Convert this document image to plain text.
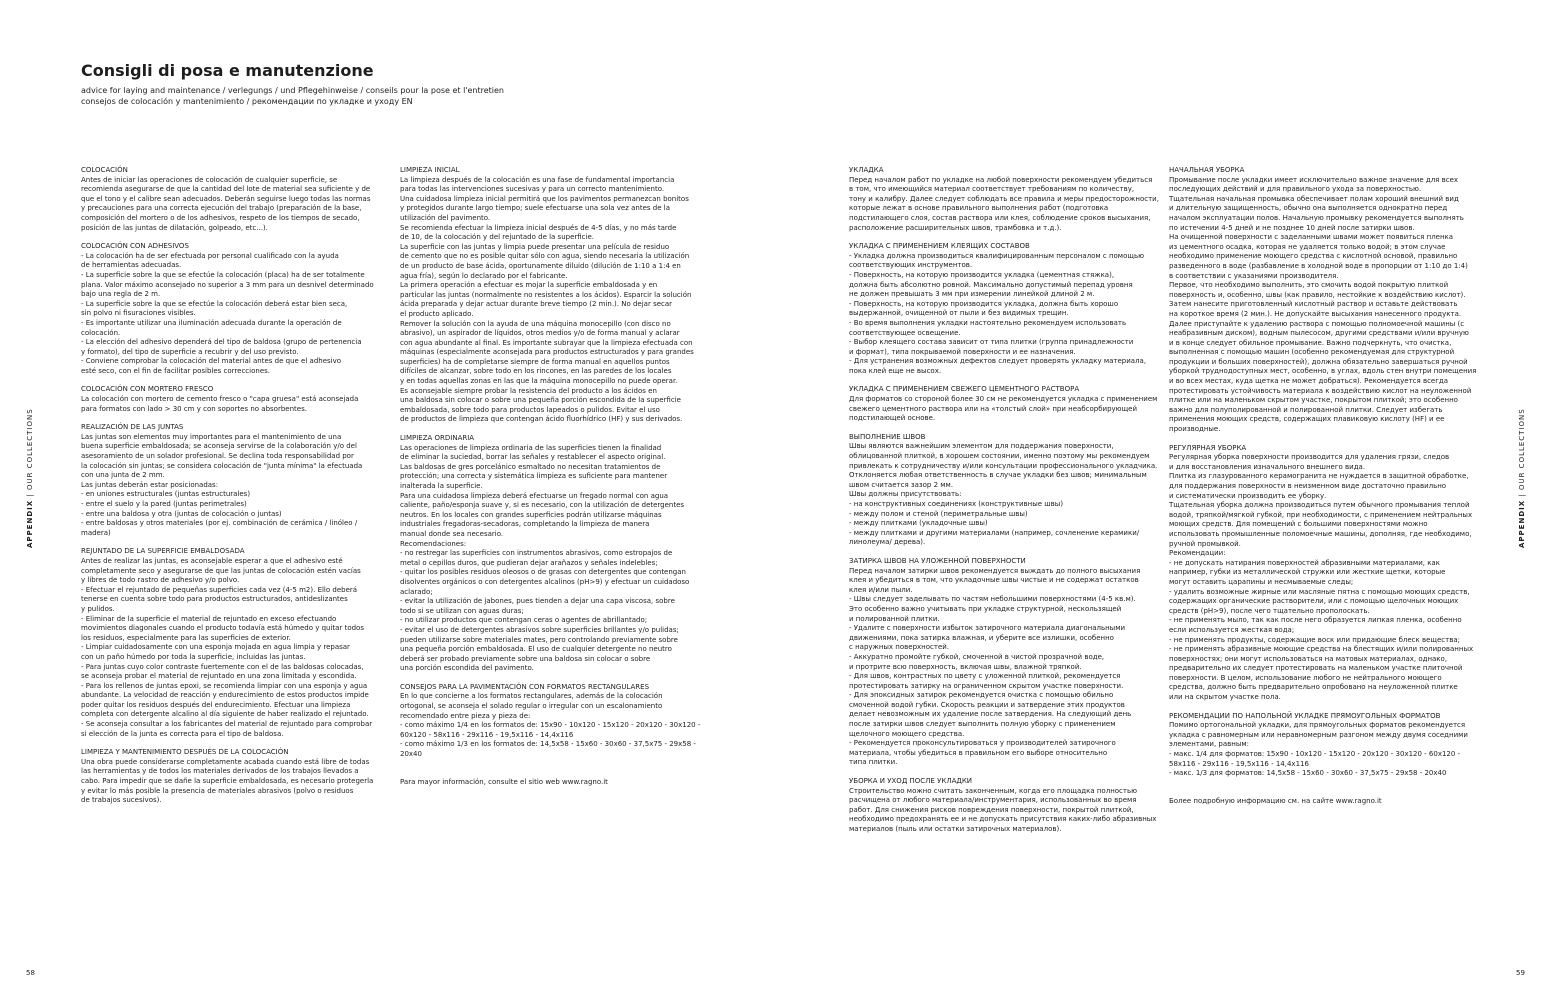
Consigli di posa e manutenzione
advice for laying and maintenance / verlegungs / und Pflegehinweise / conseils pour la pose et l'entretien
consejos de colocación y mantenimiento / рекомендации по укладке и уходу EN
COLOCACIÓN
Antes de iniciar las operaciones de colocación de cualquier superficie, se
recomienda asegurarse de que la cantidad del lote de material sea suficiente y de
que el tono y el calibre sean adecuados. Deberán seguirse luego todas las normas
y precauciones para una correcta ejecución del trabajo (preparación de la base,
composición del mortero o de los adhesivos, respeto de los tiempos de secado,
posición de las juntas de dilatación, golpeado, etc...).
COLOCACIÓN CON ADHESIVOS
- La colocación ha de ser efectuada por personal cualificado con la ayuda
de herramientas adecuadas.
- La superficie sobre la que se efectúe la colocación (placa) ha de ser totalmente
plana. Valor máximo aconsejado no superior a 3 mm para un desnivel determinado
bajo una regla de 2 m.
- La superficie sobre la que se efectúe la colocación deberá estar bien seca,
sin polvo ni fisuraciones visibles.
- Es importante utilizar una iluminación adecuada durante la operación de
colocación.
- La elección del adhesivo dependerá del tipo de baldosa (grupo de pertenencia
y formato), del tipo de superficie a recubrir y del uso previsto.
- Conviene comprobar la colocación del material antes de que el adhesivo
esté seco, con el fin de facilitar posibles correcciones.
COLOCACIÓN CON MORTERO FRESCO
La colocación con mortero de cemento fresco o "capa gruesa" está aconsejada
para formatos con lado > 30 cm y con soportes no absorbentes.
REALIZACIÓN DE LAS JUNTAS
Las juntas son elementos muy importantes para el mantenimiento de una
buena superficie embaldosada; se aconseja servirse de la colaboración y/o del
asesoramiento de un solador profesional. Se declina toda responsabilidad por
la colocación sin juntas; se considera colocación de "junta mínima" la efectuada
con una junta de 2 mm.
Las juntas deberán estar posicionadas:
- en uniones estructurales (juntas estructurales)
- entre el suelo y la pared (juntas perimetrales)
- entre una baldosa y otra (juntas de colocación o juntas)
- entre baldosas y otros materiales (por ej. combinación de cerámica / linóleo /
madera)
REJUNTADO DE LA SUPERFICIE EMBALDOSADA
Antes de realizar las juntas, es aconsejable esperar a que el adhesivo esté
completamente seco y asegurarse de que las juntas de colocación estén vacías
y libres de todo rastro de adhesivo y/o polvo.
- Efectuar el rejuntado de pequeñas superficies cada vez (4-5 m2). Ello deberá
tenerse en cuenta sobre todo para productos estructurados, antideslizantes
y pulidos.
- Eliminar de la superficie el material de rejuntado en exceso efectuando
movimientos diagonales cuando el producto todavía está húmedo y quitar todos
los residuos, especialmente para las superficies de exterior.
- Limpiar cuidadosamente con una esponja mojada en agua limpia y repasar
con un paño húmedo por toda la superficie, incluidas las juntas.
- Para juntas cuyo color contraste fuertemente con el de las baldosas colocadas,
se aconseja probar el material de rejuntado en una zona limitada y escondida.
- Para los rellenos de juntas epoxi, se recomienda limpiar con una esponja y agua
abundante. La velocidad de reacción y endurecimiento de estos productos impide
poder quitar los residuos después del endurecimiento. Efectuar una limpieza
completa con detergente alcalino al día siguiente de haber realizado el rejuntado.
- Se aconseja consultar a los fabricantes del material de rejuntado para comprobar
si elección de la junta es correcta para el tipo de baldosa.
LIMPIEZA Y MANTENIMIENTO DESPUÉS DE LA COLOCACIÓN
Una obra puede considerarse completamente acabada cuando está libre de todas
las herramientas y de todos los materiales derivados de los trabajos llevados a
cabo. Para impedir que se dañe la superficie embaldosada, es necesario protegerla
y evitar lo más posible la presencia de materiales abrasivos (polvo o residuos
de trabajos sucesivos).
LIMPIEZA INICIAL
La limpieza después de la colocación es una fase de fundamental importancia
para todas las intervenciones sucesivas y para un correcto mantenimiento.
Una cuidadosa limpieza inicial permitirá que los pavimentos permanezcan bonitos
y protegidos durante largo tiempo; suele efectuarse una sola vez antes de la
utilización del pavimento.
Se recomienda efectuar la limpieza inicial después de 4-5 días, y no más tarde
de 10, de la colocación y del rejuntado de la superficie.
La superficie con las juntas y limpia puede presentar una película de residuo
de cemento que no es posible quitar sólo con agua, siendo necesaria la utilización
de un producto de base ácida, oportunamente diluido (dilución de 1:10 a 1:4 en
agua fría), según lo declarado por el fabricante.
La primera operación a efectuar es mojar la superficie embaldosada y en
particular las juntas (normalmente no resistentes a los ácidos). Esparcir la solución
ácida preparada y dejar actuar durante breve tiempo (2 min.). No dejar secar
el producto aplicado.
Remover la solución con la ayuda de una máquina monocepillo (con disco no
abrasivo), un aspirador de líquidos, otros medios y/o de forma manual y aclarar
con agua abundante al final. Es importante subrayar que la limpieza efectuada con
máquinas (especialmente aconsejada para productos estructurados y para grandes
superficies) ha de completarse siempre de forma manual en aquellos puntos
difíciles de alcanzar, sobre todo en los rincones, en las paredes de los locales
y en todas aquellas zonas en las que la máquina monocepillo no puede operar.
Es aconsejable siempre probar la resistencia del producto a los ácidos en
una baldosa sin colocar o sobre una pequeña porción escondida de la superficie
embaldosada, sobre todo para productos lapeados o pulidos. Evitar el uso
de productos de limpieza que contengan ácido fluorhídrico (HF) y sus derivados.
LIMPIEZA ORDINARIA
Las operaciones de limpieza ordinaria de las superficies tienen la finalidad
de eliminar la suciedad, borrar las señales y restablecer el aspecto original.
Las baldosas de gres porcelánico esmaltado no necesitan tratamientos de
protección; una correcta y sistemática limpieza es suficiente para mantener
inalterada la superficie.
Para una cuidadosa limpieza deberá efectuarse un fregado normal con agua
caliente, paño/esponja suave y, si es necesario, con la utilización de detergentes
neutros. En los locales con grandes superficies podrán utilizarse máquinas
industriales fregadoras-secadoras, completando la limpieza de manera
manual donde sea necesario.
Recomendaciones:
- no restregar las superficies con instrumentos abrasivos, como estropajos de
metal o cepillos duros, que pudieran dejar arañazos y señales indelebles;
- quitar los posibles residuos oleosos o de grasas con detergentes que contengan
disolventes orgánicos o con detergentes alcalinos (pH>9) y efectuar un cuidadoso
aclarado;
- evitar la utilización de jabones, pues tienden a dejar una capa viscosa, sobre
todo si se utilizan con aguas duras;
- no utilizar productos que contengan ceras o agentes de abrillantado;
- evitar el uso de detergentes abrasivos sobre superficies brillantes y/o pulidas;
pueden utilizarse sobre materiales mates, pero controlando previamente sobre
una pequeña porción embaldosada. El uso de cualquier detergente no neutro
deberá ser probado previamente sobre una baldosa sin colocar o sobre
una porción escondida del pavimento.
CONSEJOS PARA LA PAVIMENTACIÓN CON FORMATOS RECTANGULARES
En lo que concierne a los formatos rectangulares, además de la colocación
ortogonal, se aconseja el solado regular o irregular con un escalonamiento
recomendado entre pieza y pieza de:
- como máximo 1/4 en los formatos de: 15x90 - 10x120 - 15x120 - 20x120 - 30x120 -
60x120 - 58x116 - 29x116 - 19,5x116 - 14,4x116
- como máximo 1/3 en los formatos de: 14,5x58 - 15x60 - 30x60 - 37,5x75 - 29x58 -
20x40
Para mayor información, consulte el sitio web www.ragno.it
УКЛАДКА
Перед началом работ по укладке на любой поверхности рекомендуем убедиться
в том, что имеющийся материал соответствует требованиям по количеству,
тону и калибру. Далее следует соблюдать все правила и меры предосторожности,
которые лежат в основе правильного выполнения работ (подготовка
подстилающего слоя, состав раствора или клея, соблюдение сроков высыхания,
расположение расширительных швов, трамбовка и т.д.).
УКЛАДКА С ПРИМЕНЕНИЕМ КЛЕЯЩИХ СОСТАВОВ
- Укладка должна производиться квалифицированным персоналом с помощью
соответствующих инструментов.
- Поверхность, на которую производится укладка (цементная стяжка),
должна быть абсолютно ровной. Максимально допустимый перепад уровня
не должен превышать 3 мм при измерении линейкой длиной 2 м.
- Поверхность, на которую производится укладка, должна быть хорошо
выдержанной, очищенной от пыли и без видимых трещин.
- Во время выполнения укладки настоятельно рекомендуем использовать
соответствующее освещение.
- Выбор клеящего состава зависит от типа плитки (группа принадлежности
и формат), типа покрываемой поверхности и ее назначения.
- Для устранения возможных дефектов следует проверять укладку материала,
пока клей еще не высох.
УКЛАДКА С ПРИМЕНЕНИЕМ СВЕЖЕГО ЦЕМЕНТНОГО РАСТВОРА
Для форматов со стороной более 30 см не рекомендуется укладка с применением
свежего цементного раствора или на «толстый слой» при неабсорбирующей
подстилающей основе.
ВЫПОЛНЕНИЕ ШВОВ
Швы являются важнейшим элементом для поддержания поверхности,
облицованной плиткой, в хорошем состоянии, именно поэтому мы рекомендуем
привлекать к сотрудничеству и/или консультации профессионального укладчика.
Отклоняется любая ответственность в случае укладки без швов; минимальным
швом считается зазор 2 мм.
Швы должны присутствовать:
- на конструктивных соединениях (конструктивные швы)
- между полом и стеной (периметральные швы)
- между плитками (укладочные швы)
- между плитками и другими материалами (например, сочленение керамики/
линолеума/ дерева).
ЗАТИРКА ШВОВ НА УЛОЖЕННОЙ ПОВЕРХНОСТИ
Перед началом затирки швов рекомендуется выждать до полного высыхания
клея и убедиться в том, что укладочные швы чистые и не содержат остатков
клея и/или пыли.
- Швы следует заделывать по частям небольшими поверхностями (4-5 кв.м).
Это особенно важно учитывать при укладке структурной, нескользящей
и полированной плитки.
- Удалите с поверхности избыток затирочного материала диагональными
движениями, пока затирка влажная, и уберите все излишки, особенно
с наружных поверхностей.
- Аккуратно промойте губкой, смоченной в чистой прозрачной воде,
и протрите всю поверхность, включая швы, влажной тряпкой.
- Для швов, контрастных по цвету с уложенной плиткой, рекомендуется
протестировать затирку на ограниченном скрытом участке поверхности.
- Для эпоксидных затирок рекомендуется очистка с помощью обильно
смоченной водой губки. Скорость реакции и затвердение этих продуктов
делает невозможным их удаление после затвердения. На следующий день
после затирки швов следует выполнить полную уборку с применением
щелочного моющего средства.
- Рекомендуется проконсультироваться у производителей затирочного
материала, чтобы убедиться в правильном его выборе относительно
типа плитки.
УБОРКА И УХОД ПОСЛЕ УКЛАДКИ
Строительство можно считать законченным, когда его площадка полностью
расчищена от любого материала/инструментария, использованных во время
работ. Для снижения рисков повреждения поверхности, покрытой плиткой,
необходимо предохранять ее и не допускать присутствия каких-либо абразивных
материалов (пыль или остатки затирочных материалов).
НАЧАЛЬНАЯ УБОРКА
Промывание после укладки имеет исключительно важное значение для всех
последующих действий и для правильного ухода за поверхностью.
Тщательная начальная промывка обеспечивает полам хороший внешний вид
и длительную защищенность, обычно она выполняется однократно перед
началом эксплуатации полов. Начальную промывку рекомендуется выполнять
по истечении 4-5 дней и не позднее 10 дней после затирки швов.
На очищенной поверхности с заделанными швами может появиться пленка
из цементного осадка, которая не удаляется только водой; в этом случае
необходимо применение моющего средства с кислотной основой, правильно
разведенного в воде (разбавление в холодной воде в пропорции от 1:10 до 1:4)
в соответствии с указаниями производителя.
Первое, что необходимо выполнить, это смочить водой покрытую плиткой
поверхность и, особенно, швы (как правило, нестойкие к воздействию кислот).
Затем нанесите приготовленный кислотный раствор и оставьте действовать
на короткое время (2 мин.). Не допускайте высыхания нанесенного продукта.
Далее приступайте к удалению раствора с помощью полномоечной машины (с
неабразивным диском), водным пылесосом, другими средствами и/или вручную
и в конце следует обильное промывание. Важно подчеркнуть, что очистка,
выполненная с помощью машин (особенно рекомендуемая для структурной
продукции и больших поверхностей), должна обязательно завершаться ручной
уборкой труднодоступных мест, особенно, в углах, вдоль стен внутри помещения
и во всех местах, куда щетка не может добраться). Рекомендуется всегда
протестировать устойчивость материала к воздействию кислот на неуложенной
плитке или на маленьком скрытом участке, покрытом плиткой; это особенно
важно для полуполированной и полированной плитки. Следует избегать
применения моющих средств, содержащих плавиковую кислоту (HF) и ее
производные.
РЕГУЛЯРНАЯ УБОРКА
Регулярная уборка поверхности производится для удаления грязи, следов
и для восстановления изначального внешнего вида.
Плитка из глазурованного керамогранита не нуждается в защитной обработке,
для поддержания поверхности в неизменном виде достаточно правильно
и систематически производить ее уборку.
Тщательная уборка должна производиться путем обычного промывания теплой
водой, тряпкой/мягкой губкой, при необходимости, с применением нейтральных
моющих средств. Для помещений с большими поверхностями можно
использовать промышленные поломоечные машины, дополняя, где необходимо,
ручной промывкой.
Рекомендации:
- не допускать натирания поверхностей абразивными материалами, как
например, губки из металлической стружки или жесткие щетки, которые
могут оставить царапины и несмываемые следы;
- удалить возможные жирные или масляные пятна с помощью моющих средств,
содержащих органические растворители, или с помощью щелочных моющих
средств (pH>9), после чего тщательно прополоскать.
- не применять мыло, так как после него образуется липкая пленка, особенно
если используется жесткая вода;
- не применять продукты, содержащие воск или придающие блеск веществa;
- не применять абразивные моющие средства на блестящих и/или полированных
поверхностях; они могут использоваться на матовых материалах, однако,
предварительно их следует протестировать на маленьком участке плиточной
поверхности. В целом, использование любого не нейтрального моющего
средства, должно быть предварительно опробовано на неуложенной плитке
или на скрытом участке пола.
РЕКОМЕНДАЦИИ ПО НАПОЛЬНОЙ УКЛАДКЕ ПРЯМОУГОЛЬНЫХ ФОРМАТОВ
Помимо ортогональной укладки, для прямоугольных форматов рекомендуется
укладка с равномерным или неравномерным разгоном между двумя соседними
элементами, равным:
- макс. 1/4 для форматов: 15x90 - 10x120 - 15x120 - 20x120 - 30x120 - 60x120 -
58x116 - 29x116 - 19,5x116 - 14,4x116
- макс. 1/3 для форматов: 14,5x58 - 15x60 - 30x60 - 37,5x75 - 29x58 - 20x40
Более подробную информацию см. на сайте www.ragno.it
APPENDIX | OUR COLLECTIONS
APPENDIX | OUR COLLECTIONS
58	59
